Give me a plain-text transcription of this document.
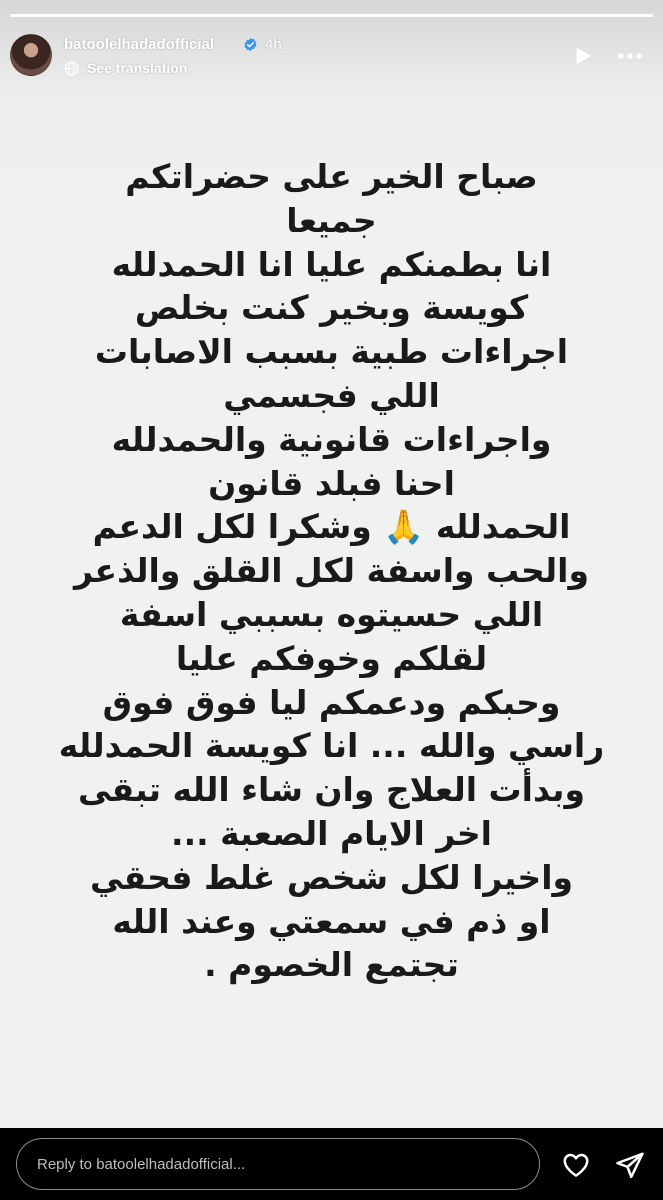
batoolelhadadofficial	4h
See translation
صباح الخير على حضراتكم
جميعا
انا بطمنكم عليا انا الحمدلله
كويسة وبخير كنت بخلص
اجراءات طبية بسبب الاصابات
اللي فجسمي
واجراءات قانونية والحمدلله
احنا فبلد قانون
الحمدلله 🙏 وشكرا لكل الدعم
والحب واسفة لكل القلق والذعر
اللي حسيتوه بسببي اسفة
لقلكم وخوفكم عليا
وحبكم ودعمكم ليا فوق فوق
راسي والله ... انا كويسة الحمدلله
وبدأت العلاج وان شاء الله تبقى
اخر الايام الصعبة ...
واخيرا لكل شخص غلط فحقي
او ذم في سمعتي وعند الله
تجتمع الخصوم .
Reply to batoolelhadadofficial...
